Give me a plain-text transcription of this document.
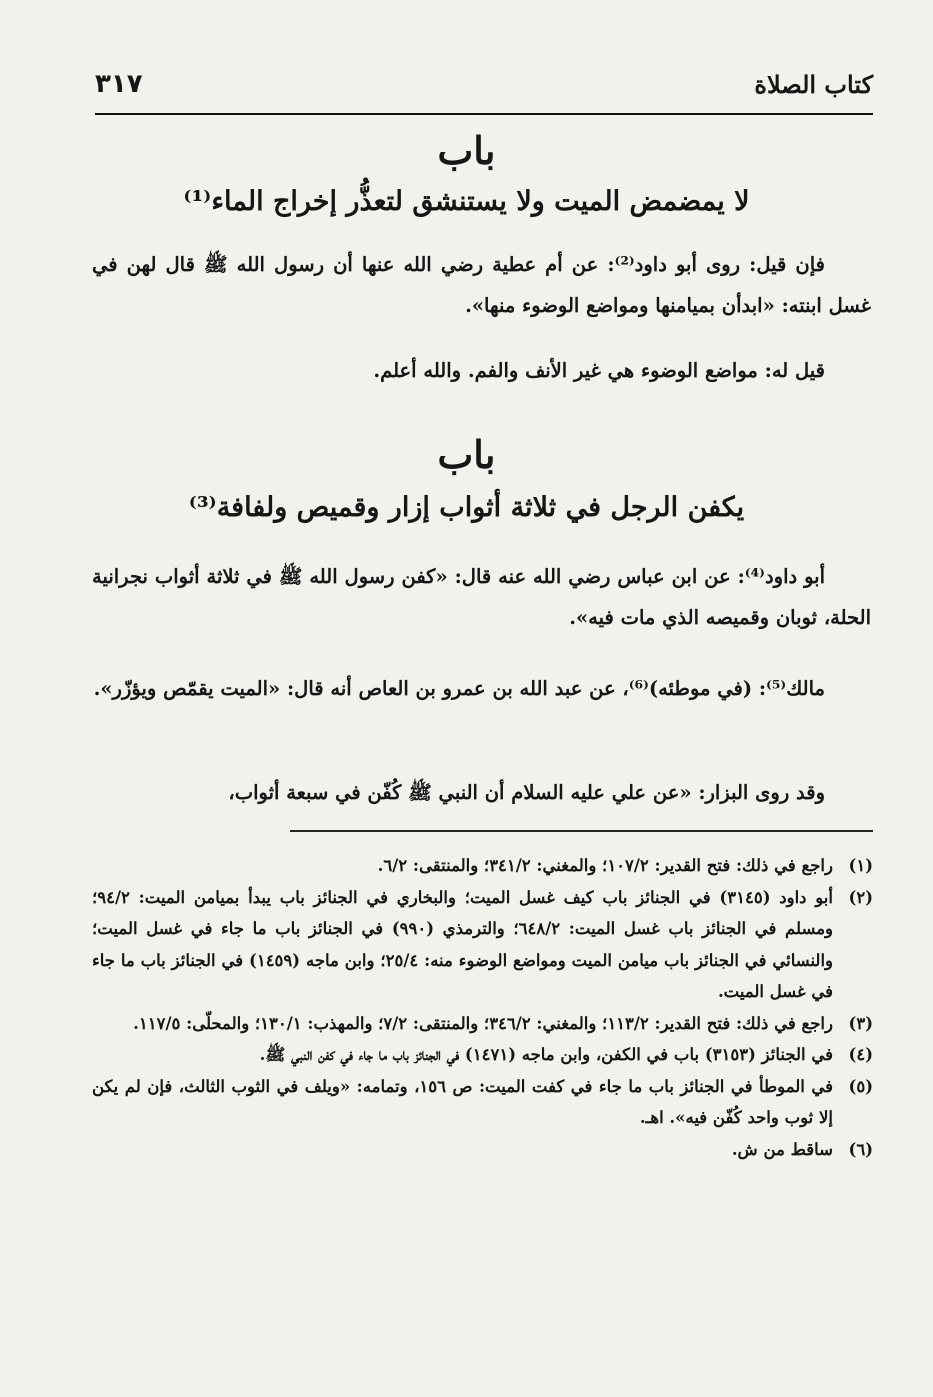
كتاب الصلاة
٣١٧
باب
لا يمضمض الميت ولا يستنشق لتعذُّر إخراج الماء⁽¹⁾
فإن قيل: روى أبو داود⁽²⁾: عن أم عطية رضي الله عنها أن رسول الله ﷺ قال لهن في غسل ابنته: «ابدأن بميامنها ومواضع الوضوء منها».
قيل له: مواضع الوضوء هي غير الأنف والفم. والله أعلم.
باب
يكفن الرجل في ثلاثة أثواب إزار وقميص ولفافة⁽³⁾
أبو داود⁽⁴⁾: عن ابن عباس رضي الله عنه قال: «كفن رسول الله ﷺ في ثلاثة أثواب نجرانية الحلة، ثوبان وقميصه الذي مات فيه».
مالك⁽⁵⁾: (في موطئه)⁽⁶⁾، عن عبد الله بن عمرو بن العاص أنه قال: «الميت يقمّص ويؤزّر».
وقد روى البزار: «عن علي عليه السلام أن النبي ﷺ كُفّن في سبعة أثواب،
(١)
راجع في ذلك: فتح القدير: ١٠٧/٢؛ والمغني: ٣٤١/٢؛ والمنتقى: ٦/٢.
(٢)
أبو داود (٣١٤٥) في الجنائز باب كيف غسل الميت؛ والبخاري في الجنائز باب يبدأ بميامن الميت: ٩٤/٢؛ ومسلم في الجنائز باب غسل الميت: ٦٤٨/٢؛ والترمذي (٩٩٠) في الجنائز باب ما جاء في غسل الميت؛ والنسائي في الجنائز باب ميامن الميت ومواضع الوضوء منه: ٢٥/٤؛ وابن ماجه (١٤٥٩) في الجنائز باب ما جاء في غسل الميت.
(٣)
راجع في ذلك: فتح القدير: ١١٣/٢؛ والمغني: ٣٤٦/٢؛ والمنتقى: ٧/٢؛ والمهذب: ١٣٠/١؛ والمحلّى: ١١٧/٥.
(٤)
في الجنائز (٣١٥٣) باب في الكفن، وابن ماجه (١٤٧١) في الجنائز باب ما جاء في كفن النبي ﷺ.
(٥)
في الموطأ في الجنائز باب ما جاء في كفت الميت: ص ١٥٦، وتمامه: «ويلف في الثوب الثالث، فإن لم يكن إلا ثوب واحد كُفّن فيه». اهـ.
(٦)
ساقط من ش.
